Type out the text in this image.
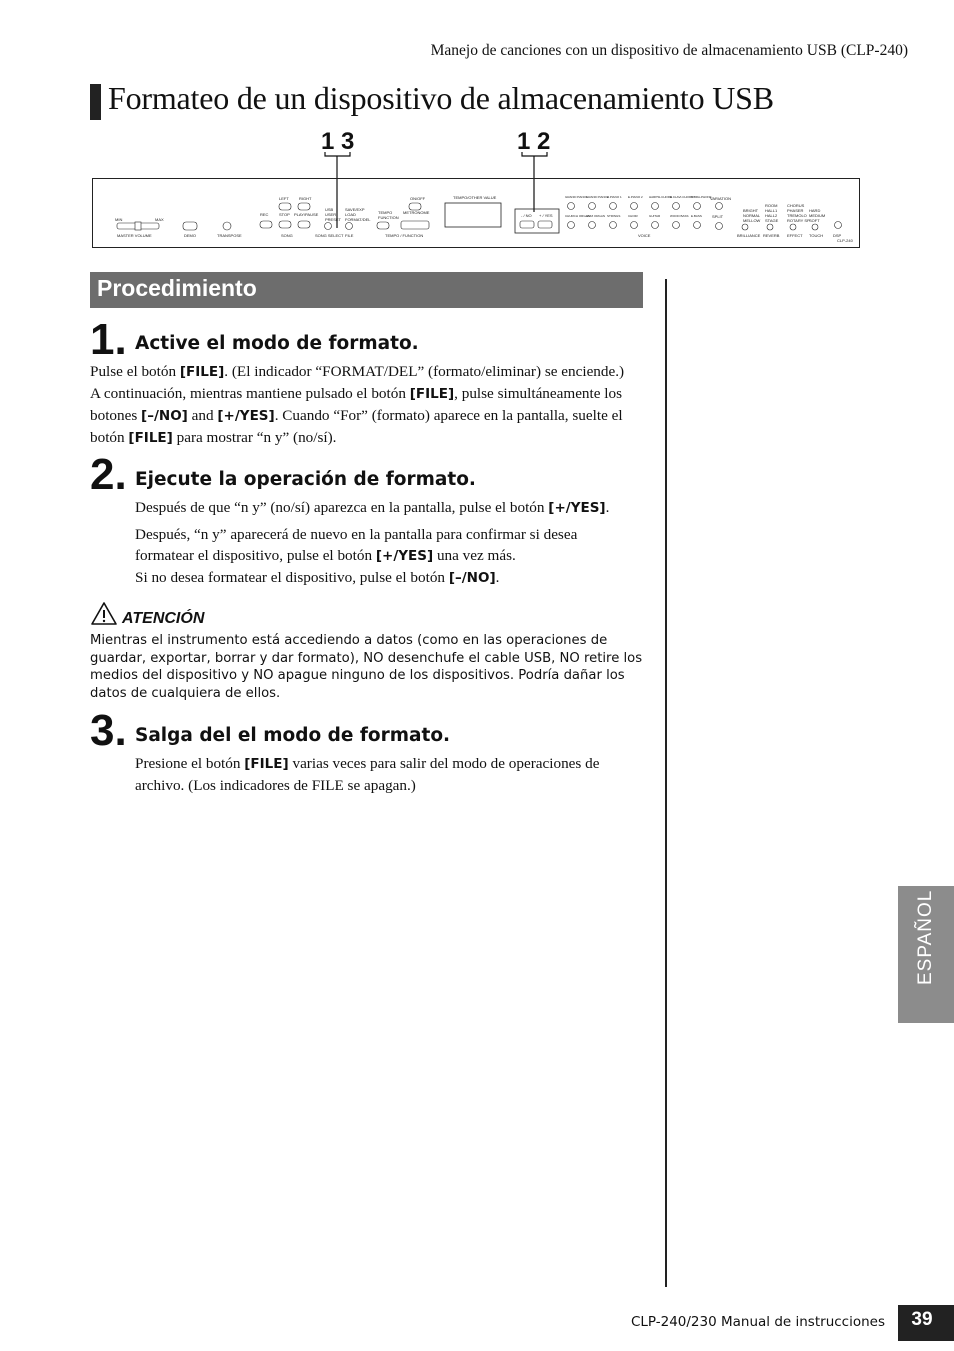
Manejo de canciones con un dispositivo de almacenamiento USB (CLP-240)
Formateo de un dispositivo de almacenamiento USB
1 3	1 2
MIN	MAX
MASTER VOLUME	DEMO	TRANSPOSE
LEFT	RIGHT
REC	STOP PLAY/PAUSE
SONG
USB
USER
PRESET
SONG SELECT
SAVE/EXP
LOAD
FORMAT/DEL
FILE
TEMPO
FUNCTION
ON/OFF
METRONOME
TEMPO / FUNCTION
TEMPO/OTHER VALUE
- / NO + / YES
GRAND PIANO1
GRAND PIANO2
E.PIANO 1 E.PIANO 2 HARPSI-CHORD
E.CLAVI-CHORD
VIBRA-PHONE
CHURCH ORGAN
JAZZ ORGAN STRINGS	CHOIR	GUITAR	WOOD BASS E.BASS
VOICE
VARIATION
SPLIT
BRIGHT
NORMAL
MELLOW
BRILLIANCE
ROOM
HALL1
HALL2
STAGE
REVERB
CHORUS
PHASER
TREMOLO
ROTARY SP
EFFECT
HARD
MEDIUM
SOFT
TOUCH DSP
CLP-240
Procedimiento
1. Active el modo de formato.
Pulse el botón [FILE]. (El indicador “FORMAT/DEL” (formato/eliminar) se enciende.)
A continuación, mientras mantiene pulsado el botón [FILE], pulse simultáneamente los
botones [–/NO] and [+/YES]. Cuando “For” (formato) aparece en la pantalla, suelte el
botón [FILE] para mostrar “n y” (no/sí).
2. Ejecute la operación de formato.
Después de que “n y” (no/sí) aparezca en la pantalla, pulse el botón [+/YES].
Después, “n y” aparecerá de nuevo en la pantalla para confirmar si desea
formatear el dispositivo, pulse el botón [+/YES] una vez más.
Si no desea formatear el dispositivo, pulse el botón [–/NO].
ATENCIÓN
Mientras el instrumento está accediendo a datos (como en las operaciones de guardar, exportar, borrar y dar formato), NO desenchufe el cable USB, NO retire los medios del dispositivo y NO apague ninguno de los dispositivos. Podría dañar los datos de cualquiera de ellos.
3. Salga del el modo de formato.
Presione el botón [FILE] varias veces para salir del modo de operaciones de
archivo. (Los indicadores de FILE se apagan.)
ESPAÑOL
CLP-240/230 Manual de instrucciones	39
